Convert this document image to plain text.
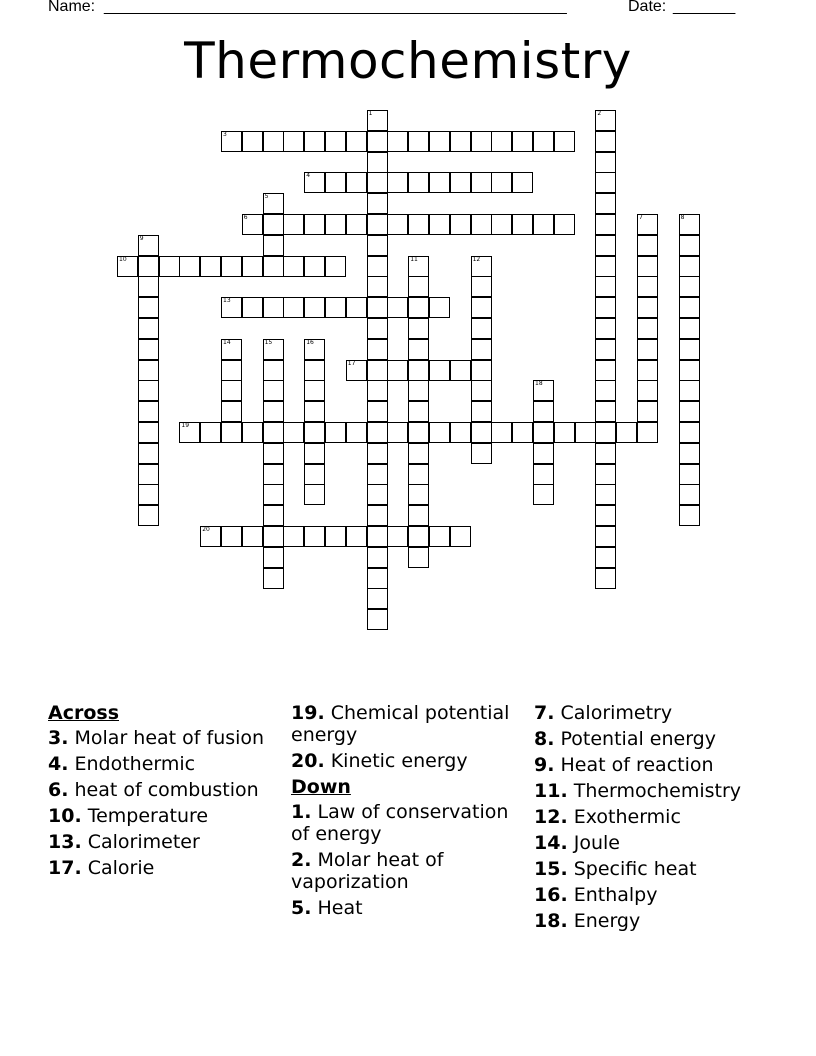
Name: ____________________________________________________	Date: _______
Thermochemistry
1	2
3
4
5
6	7	8
9
10	11	12
13
14	15	16
17
18
19
20
Across
3. Molar heat of fusion
4. Endothermic
6. heat of combustion
10. Temperature
13. Calorimeter
17. Calorie
19. Chemical potential energy
20. Kinetic energy
Down
1. Law of conservation of energy
2. Molar heat of vaporization
5. Heat
7. Calorimetry
8. Potential energy
9. Heat of reaction
11. Thermochemistry
12. Exothermic
14. Joule
15. Specific heat
16. Enthalpy
18. Energy
